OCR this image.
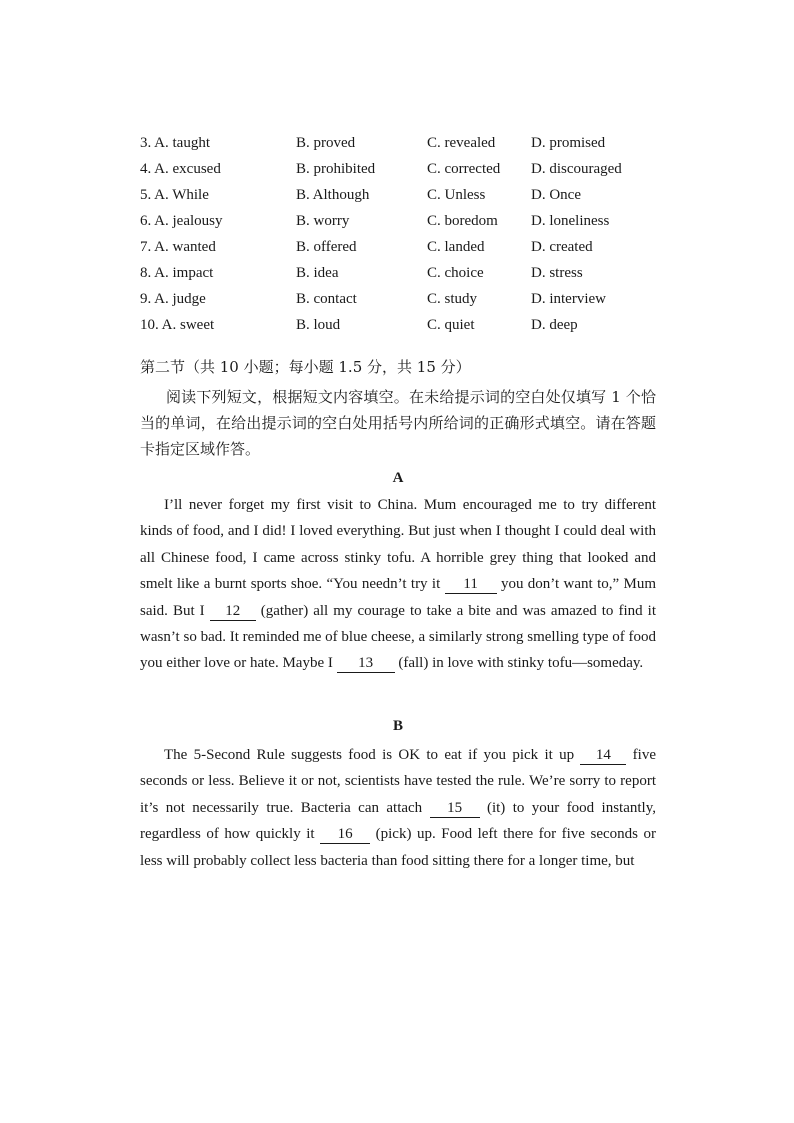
3. A. taught	B. proved	C. revealed	D. promised
4. A. excused	B. prohibited	C. corrected	D. discouraged
5. A. While	B. Although	C. Unless	D. Once
6. A. jealousy	B. worry	C. boredom	D. loneliness
7. A. wanted	B. offered	C. landed	D. created
8. A. impact	B. idea	C. choice	D. stress
9. A. judge	B. contact	C. study	D. interview
10. A. sweet	B. loud	C. quiet	D. deep
第二节（共 10 小题；每小题 1.5 分，共 15 分）
阅读下列短文，根据短文内容填空。在未给提示词的空白处仅填写 1 个恰当的单词，在给出提示词的空白处用括号内所给词的正确形式填空。请在答题卡指定区域作答。
A
I’ll never forget my first visit to China. Mum encouraged me to try different kinds of food, and I did! I loved everything. But just when I thought I could deal with all Chinese food, I came across stinky tofu. A horrible grey thing that looked and smelt like a burnt sports shoe. “You needn’t try it 11 you don’t want to,” Mum said. But I 12 (gather) all my courage to take a bite and was amazed to find it wasn’t so bad. It reminded me of blue cheese, a similarly strong smelling type of food you either love or hate. Maybe I 13 (fall) in love with stinky tofu—someday.
B
The 5-Second Rule suggests food is OK to eat if you pick it up 14 five seconds or less. Believe it or not, scientists have tested the rule. We’re sorry to report it’s not necessarily true. Bacteria can attach 15 (it) to your food instantly, regardless of how quickly it 16 (pick) up. Food left there for five seconds or less will probably collect less bacteria than food sitting there for a longer time, but
